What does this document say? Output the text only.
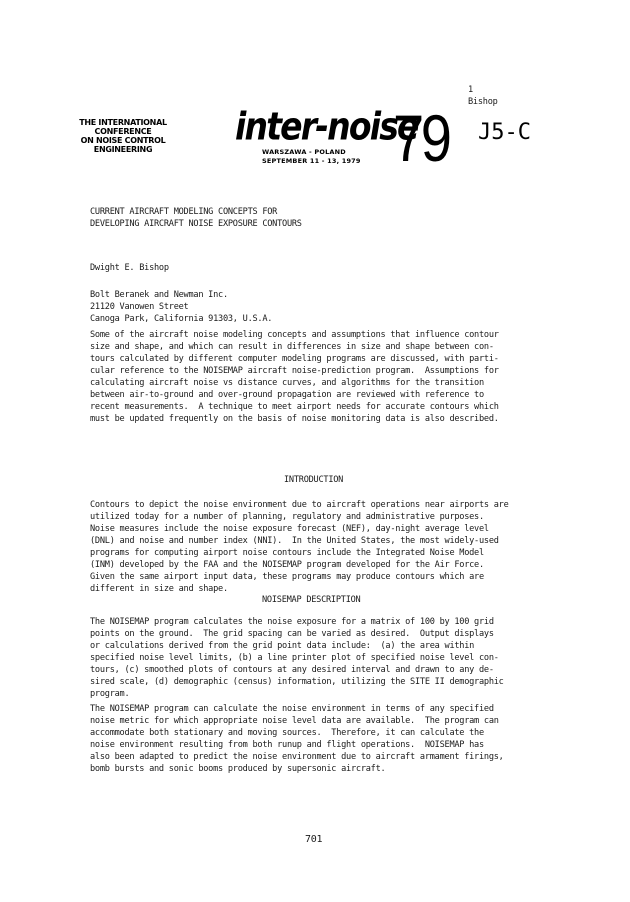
1
Bishop
THE INTERNATIONAL
CONFERENCE
ON NOISE CONTROL
ENGINEERING
inter-noise
WARSZAWA - POLAND
SEPTEMBER 11 - 13, 1979 79 J5-C
CURRENT AIRCRAFT MODELING CONCEPTS FOR
DEVELOPING AIRCRAFT NOISE EXPOSURE CONTOURS
Dwight E. Bishop
Bolt Beranek and Newman Inc.
21120 Vanowen Street
Canoga Park, California 91303, U.S.A.
Some of the aircraft noise modeling concepts and assumptions that influence contour
size and shape, and which can result in differences in size and shape between con-
tours calculated by different computer modeling programs are discussed, with parti-
cular reference to the NOISEMAP aircraft noise-prediction program.  Assumptions for
calculating aircraft noise vs distance curves, and algorithms for the transition
between air-to-ground and over-ground propagation are reviewed with reference to
recent measurements.  A technique to meet airport needs for accurate contours which
must be updated frequently on the basis of noise monitoring data is also described.
INTRODUCTION
Contours to depict the noise environment due to aircraft operations near airports are
utilized today for a number of planning, regulatory and administrative purposes.
Noise measures include the noise exposure forecast (NEF), day-night average level
(DNL) and noise and number index (NNI).  In the United States, the most widely-used
programs for computing airport noise contours include the Integrated Noise Model
(INM) developed by the FAA and the NOISEMAP program developed for the Air Force.
Given the same airport input data, these programs may produce contours which are
different in size and shape.
NOISEMAP DESCRIPTION
The NOISEMAP program calculates the noise exposure for a matrix of 100 by 100 grid
points on the ground.  The grid spacing can be varied as desired.  Output displays
or calculations derived from the grid point data include:  (a) the area within
specified noise level limits, (b) a line printer plot of specified noise level con-
tours, (c) smoothed plots of contours at any desired interval and drawn to any de-
sired scale, (d) demographic (census) information, utilizing the SITE II demographic
program.
The NOISEMAP program can calculate the noise environment in terms of any specified
noise metric for which appropriate noise level data are available.  The program can
accommodate both stationary and moving sources.  Therefore, it can calculate the
noise environment resulting from both runup and flight operations.  NOISEMAP has
also been adapted to predict the noise environment due to aircraft armament firings,
bomb bursts and sonic booms produced by supersonic aircraft.
701
